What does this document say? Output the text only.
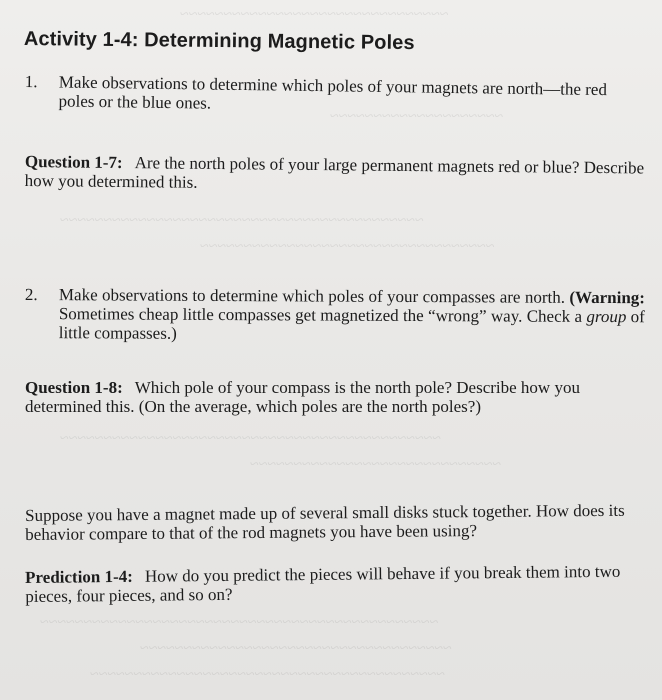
~~~~~~~~~~~~~~~~~~~~~~~~~~~~~~~
~~~~~~~~~~~~~~~~~~~~
~~~~~~~~~~~~~~~~~~~~~~~~~~~~~~~~~~~~~~~~~~
~~~~~~~~~~~~~~~~~~~~~~~~~~~~~~~~~~
~~~~~~~~~~~~~~~~~~~~~~~~~~~~~~~~~~~~~~~~~~~~
~~~~~~~~~~~~~~~~~~~~~~~~~~~~~
~~~~~~~~~~~~~~~~~~~~~~~~~~~~~~~~~~~~~~~~~~~~~~
~~~~~~~~~~~~~~~~~~~~~~~~~~~~~~~~~~~~
~~~~~~~~~~~~~~~~~~~~~~~~~~~~~~~~~~~~~~~~~
Activity 1-4: Determining Magnetic Poles
1.	Make observations to determine which poles of your magnets are north—the red poles or the blue ones.
Question 1-7: Are the north poles of your large permanent magnets red or blue? Describe how you determined this.
2.	Make observations to determine which poles of your compasses are north. (Warning: Sometimes cheap little compasses get magnetized the “wrong” way. Check a group of little compasses.)
Question 1-8: Which pole of your compass is the north pole? Describe how you determined this. (On the average, which poles are the north poles?)
Suppose you have a magnet made up of several small disks stuck together. How does its behavior compare to that of the rod magnets you have been using?
Prediction 1-4: How do you predict the pieces will behave if you break them into two pieces, four pieces, and so on?
